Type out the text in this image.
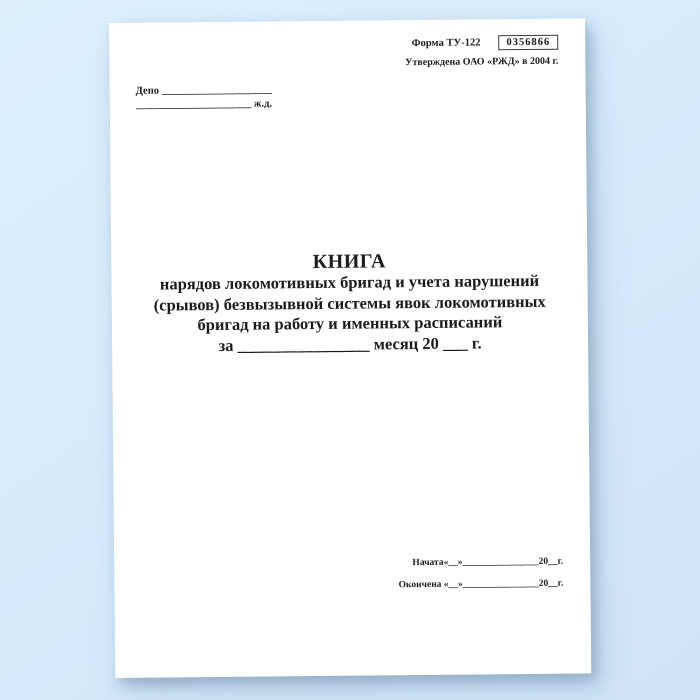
Форма ТУ-122	0356866
Утверждена ОАО «РЖД» в 2004 г.
Депо _____________________
______________________ ж.д.
КНИГА
нарядов локомотивных бригад и учета нарушений
(срывов) безвызывной системы явок локомотивных
бригад на работу и именных расписаний
за ________________ месяц 20 ___ г.
Начата«__»________________20__г.
Окончена «__»________________20__г.
